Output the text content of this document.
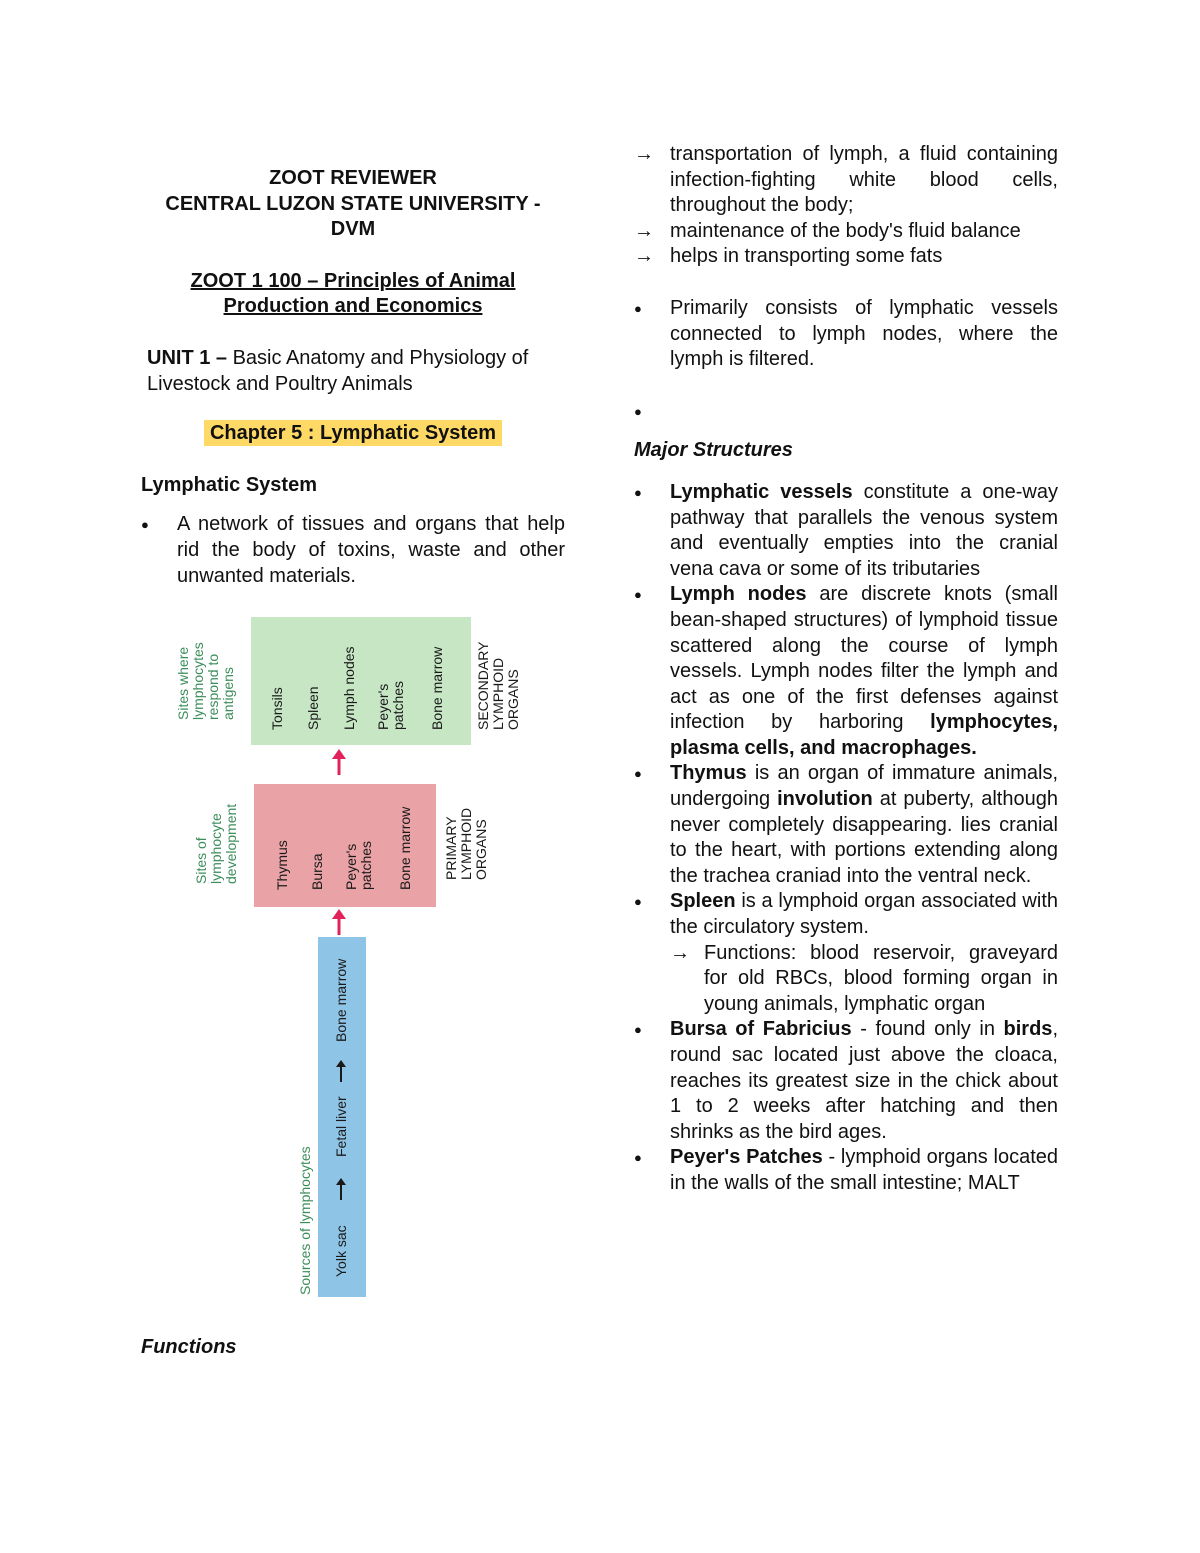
ZOOT REVIEWER
CENTRAL LUZON STATE UNIVERSITY -
DVM
ZOOT 1 100 – Principles of Animal
Production and Economics
UNIT 1 – Basic Anatomy and Physiology of Livestock and Poultry Animals
Chapter 5 : Lymphatic System
Lymphatic System
● A network of tissues and organs that help rid the body of toxins, waste and other unwanted materials.
Sites where lymphocytes respond to antigens
Sites of lymphocyte development
Sources of lymphocytes
Tonsils Spleen Lymph nodes Peyer's patches Bone marrow SECONDARY LYMPHOID ORGANS
Thymus Bursa Peyer's patches Bone marrow PRIMARY LYMPHOID ORGANS
Yolk sac
Fetal liver
Bone marrow
Functions
→ transportation of lymph, a fluid containing infection-fighting white blood cells, throughout the body;
→ maintenance of the body's fluid balance
→ helps in transporting some fats
● Primarily consists of lymphatic vessels connected to lymph nodes, where the lymph is filtered.
●
Major Structures
● Lymphatic vessels constitute a one-way pathway that parallels the venous system and eventually empties into the cranial vena cava or some of its tributaries
● Lymph nodes are discrete knots (small bean-shaped structures) of lymphoid tissue scattered along the course of lymph vessels. Lymph nodes filter the lymph and act as one of the first defenses against infection by harboring lymphocytes, plasma cells, and macrophages.
● Thymus is an organ of immature animals, undergoing involution at puberty, although never completely disappearing. lies cranial to the heart, with portions extending along the trachea craniad into the ventral neck.
● Spleen is a lymphoid organ associated with the circulatory system.
→ Functions: blood reservoir, graveyard for old RBCs, blood forming organ in young animals, lymphatic organ
● Bursa of Fabricius - found only in birds, round sac located just above the cloaca, reaches its greatest size in the chick about 1 to 2 weeks after hatching and then shrinks as the bird ages.
● Peyer's Patches - lymphoid organs located in the walls of the small intestine; MALT
